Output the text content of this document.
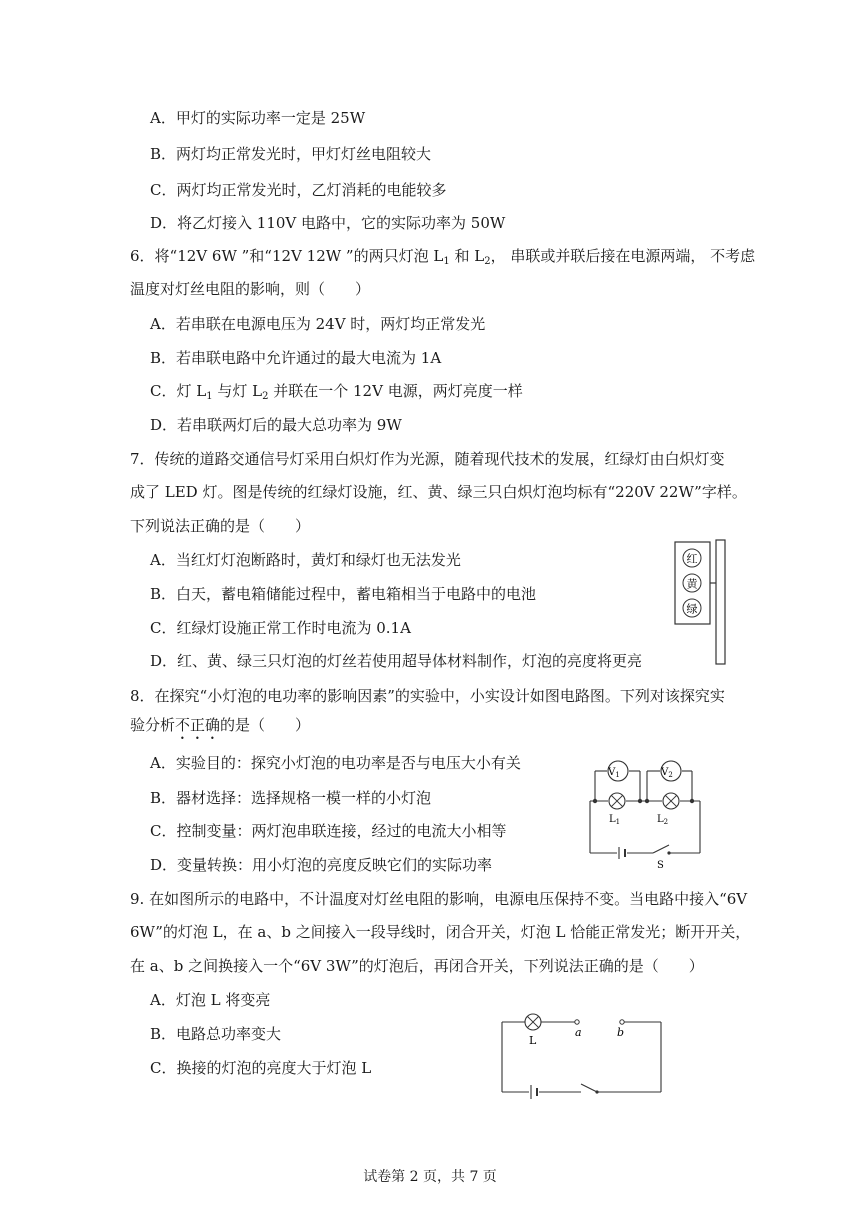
A．甲灯的实际功率一定是 25W
B．两灯均正常发光时，甲灯灯丝电阻较大
C．两灯均正常发光时，乙灯消耗的电能较多
D．将乙灯接入 110V 电路中，它的实际功率为 50W
6．将“12V 6W ”和“12V 12W ”的两只灯泡 $L_1$ 和 $L_2$， 串联或并联后接在电源两端， 不考虑
温度对灯丝电阻的影响，则（　　）
A．若串联在电源电压为 24V 时，两灯均正常发光
B．若串联电路中允许通过的最大电流为 1A
C．灯 $L_1$ 与灯 $L_2$ 并联在一个 12V 电源，两灯亮度一样
D．若串联两灯后的最大总功率为 9W
7．传统的道路交通信号灯采用白炽灯作为光源，随着现代技术的发展，红绿灯由白炽灯变
成了 LED 灯。图是传统的红绿灯设施，红、黄、绿三只白炽灯泡均标有“220V 22W”字样。
下列说法正确的是（　　）
A．当红灯灯泡断路时，黄灯和绿灯也无法发光
B．白天，蓄电箱储能过程中，蓄电箱相当于电路中的电池
C．红绿灯设施正常工作时电流为 0.1A
D．红、黄、绿三只灯泡的灯丝若使用超导体材料制作，灯泡的亮度将更亮
红
黄
绿
8．在探究“小灯泡的电功率的影响因素”的实验中，小实设计如图电路图。下列对该探究实
验分析不正确的是（　　）
A．实验目的：探究小灯泡的电功率是否与电压大小有关
B．器材选择：选择规格一模一样的小灯泡
C．控制变量：两灯泡串联连接，经过的电流大小相等
D．变量转换：用小灯泡的亮度反映它们的实际功率
$V_1$	$V_2$
$L_1$	$L_2$
S
9. 在如图所示的电路中，不计温度对灯丝电阻的影响，电源电压保持不变。当电路中接入“6V
6W”的灯泡 L，在 a、b 之间接入一段导线时，闭合开关，灯泡 L 恰能正常发光；断开开关，
在 a、b 之间换接入一个“6V 3W”的灯泡后，再闭合开关，下列说法正确的是（　　）
A．灯泡 L 将变亮
B．电路总功率变大
C．换接的灯泡的亮度大于灯泡 L
L
a	b
试卷第 2 页，共 7 页
